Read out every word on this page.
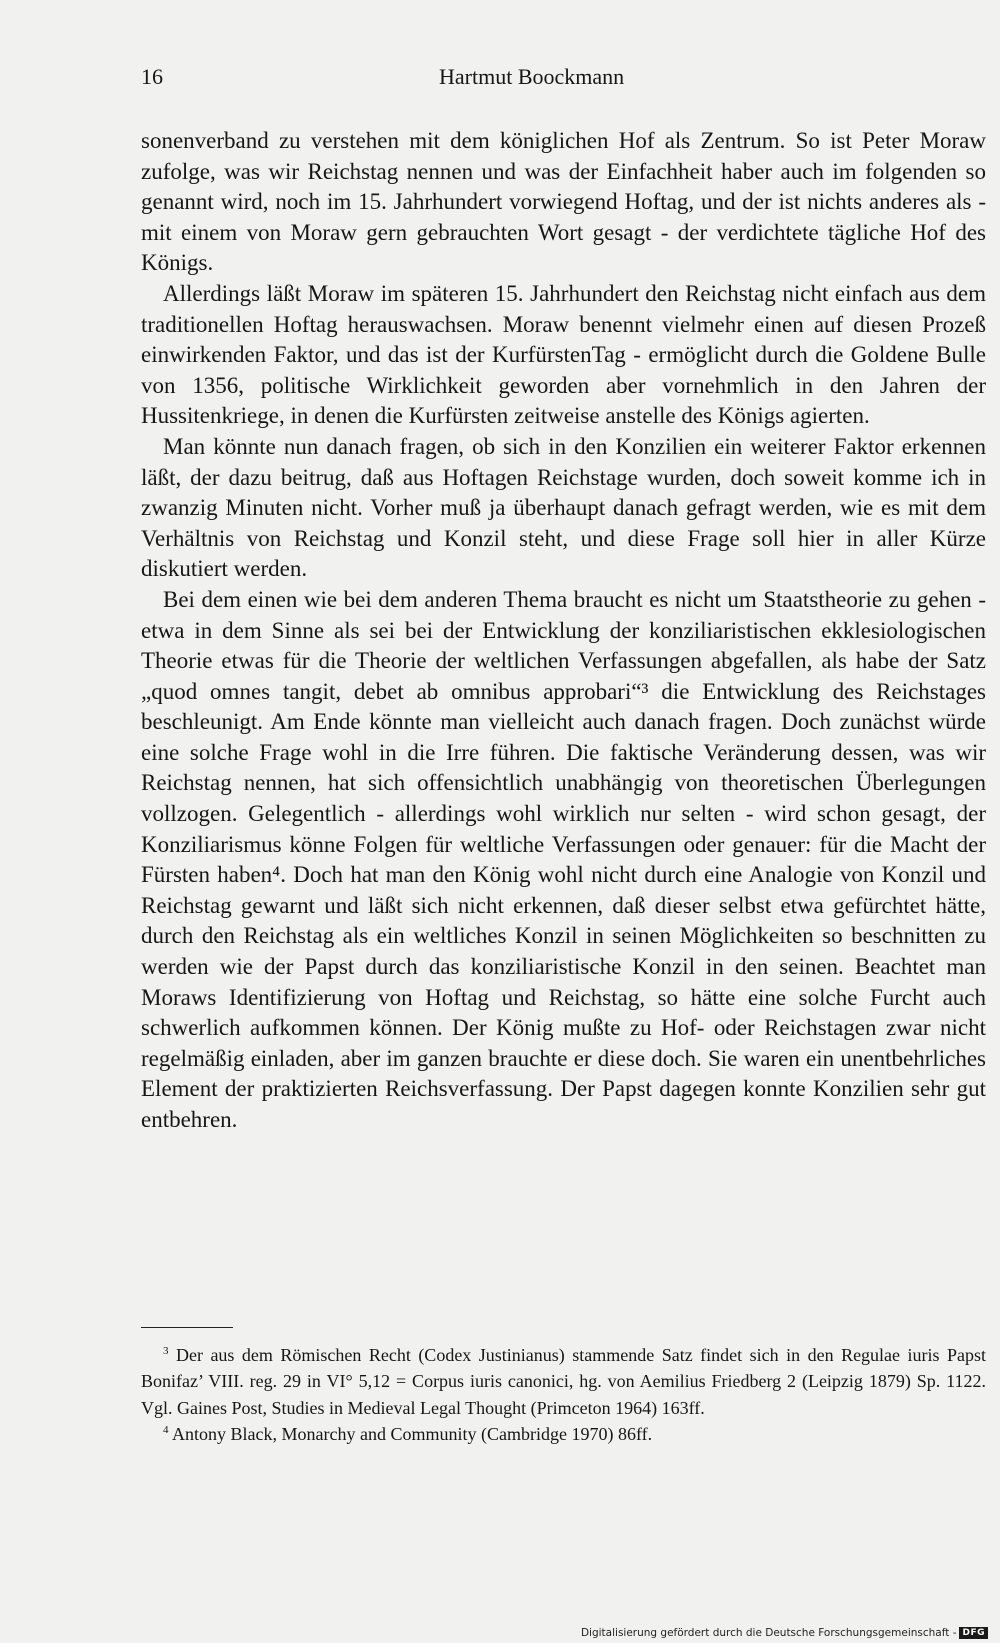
16	Hartmut Boockmann

sonenverband zu verstehen mit dem königlichen Hof als Zentrum. So ist Peter Moraw zufolge, was wir Reichstag nennen und was der Einfachheit haber auch im folgenden so genannt wird, noch im 15. Jahrhundert vorwiegend Hoftag, und der ist nichts anderes als - mit einem von Moraw gern gebrauchten Wort gesagt - der verdichtete tägliche Hof des Königs.

Allerdings läßt Moraw im späteren 15. Jahrhundert den Reichstag nicht einfach aus dem traditionellen Hoftag herauswachsen. Moraw benennt vielmehr einen auf diesen Prozeß einwirkenden Faktor, und das ist der KurfürstenTag - ermöglicht durch die Goldene Bulle von 1356, politische Wirklichkeit geworden aber vornehmlich in den Jahren der Hussitenkriege, in denen die Kurfürsten zeitweise anstelle des Königs agierten.

Man könnte nun danach fragen, ob sich in den Konzilien ein weiterer Faktor erkennen läßt, der dazu beitrug, daß aus Hoftagen Reichstage wurden, doch soweit komme ich in zwanzig Minuten nicht. Vorher muß ja überhaupt danach gefragt werden, wie es mit dem Verhältnis von Reichstag und Konzil steht, und diese Frage soll hier in aller Kürze diskutiert werden.

Bei dem einen wie bei dem anderen Thema braucht es nicht um Staatstheorie zu gehen - etwa in dem Sinne als sei bei der Entwicklung der konziliaristischen ekklesiologischen Theorie etwas für die Theorie der weltlichen Verfassungen abgefallen, als habe der Satz „quod omnes tangit, debet ab omnibus approbari“³ die Entwicklung des Reichstages beschleunigt. Am Ende könnte man vielleicht auch danach fragen. Doch zunächst würde eine solche Frage wohl in die Irre führen. Die faktische Veränderung dessen, was wir Reichstag nennen, hat sich offensichtlich unabhängig von theoretischen Überlegungen vollzogen. Gelegentlich - allerdings wohl wirklich nur selten - wird schon gesagt, der Konziliarismus könne Folgen für weltliche Verfassungen oder genauer: für die Macht der Fürsten haben⁴. Doch hat man den König wohl nicht durch eine Analogie von Konzil und Reichstag gewarnt und läßt sich nicht erkennen, daß dieser selbst etwa gefürchtet hätte, durch den Reichstag als ein weltliches Konzil in seinen Möglichkeiten so beschnitten zu werden wie der Papst durch das konziliaristische Konzil in den seinen. Beachtet man Moraws Identifizierung von Hoftag und Reichstag, so hätte eine solche Furcht auch schwerlich aufkommen können. Der König mußte zu Hof- oder Reichstagen zwar nicht regelmäßig einladen, aber im ganzen brauchte er diese doch. Sie waren ein unentbehrliches Element der praktizierten Reichsverfassung. Der Papst dagegen konnte Konzilien sehr gut entbehren.

$^3$ Der aus dem Römischen Recht (Codex Justinianus) stammende Satz findet sich in den Regulae iuris Papst Bonifaz’ VIII. reg. 29 in VI° 5,12 = Corpus iuris canonici, hg. von Aemilius Friedberg 2 (Leipzig 1879) Sp. 1122. Vgl. Gaines Post, Studies in Medieval Legal Thought (Primceton 1964) 163ff.

$^4$ Antony Black, Monarchy and Community (Cambridge 1970) 86ff.

Digitalisierung gefördert durch die Deutsche Forschungsgemeinschaft - DFG
